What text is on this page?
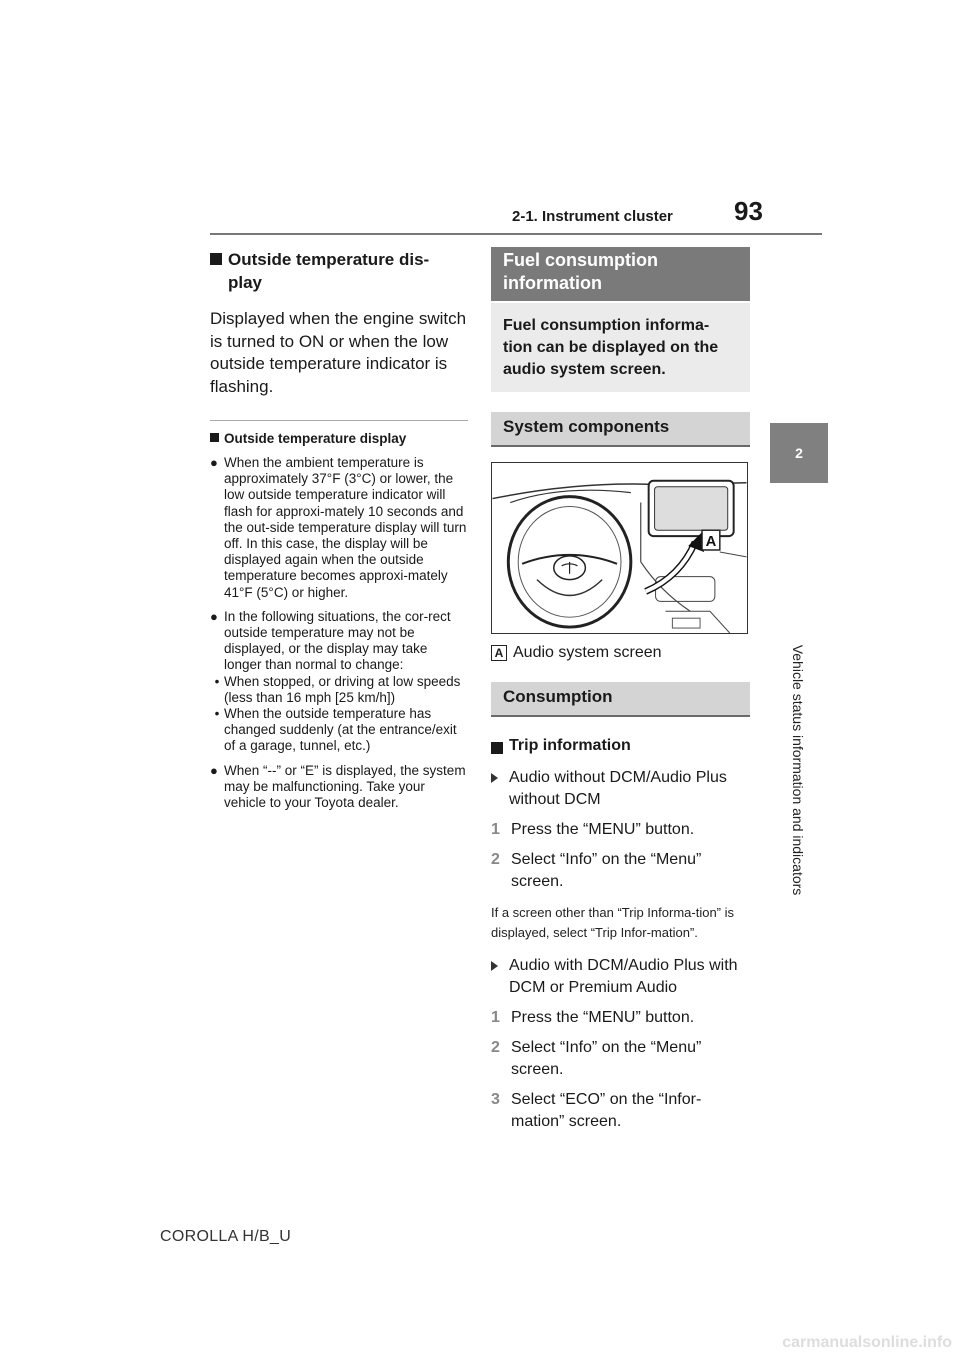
2-1. Instrument cluster 93
2
Vehicle status information and indicators
Outside temperature dis-
play
Displayed when the engine switch is turned to ON or when the low outside temperature indicator is flashing.
Outside temperature display
● When the ambient temperature is approximately 37°F (3°C) or lower, the low outside temperature indicator will flash for approxi-mately 10 seconds and the out-side temperature display will turn off. In this case, the display will be displayed again when the outside temperature becomes approxi-mately 41°F (5°C) or higher.
● In the following situations, the cor-rect outside temperature may not be displayed, or the display may take longer than normal to change:
• When stopped, or driving at low speeds (less than 16 mph [25 km/h])
• When the outside temperature has changed suddenly (at the entrance/exit of a garage, tunnel, etc.)
● When “--” or “E” is displayed, the system may be malfunctioning. Take your vehicle to your Toyota dealer.
Fuel consumption information
Fuel consumption informa-tion can be displayed on the audio system screen.
System components
A
A Audio system screen
Consumption
Trip information
Audio without DCM/Audio Plus without DCM
1 Press the “MENU” button.
2 Select “Info” on the “Menu” screen.
If a screen other than “Trip Informa-tion” is displayed, select “Trip Infor-mation”.
Audio with DCM/Audio Plus with DCM or Premium Audio
1 Press the “MENU” button.
2 Select “Info” on the “Menu” screen.
3 Select “ECO” on the “Infor-mation” screen.
COROLLA H/B_U
carmanualsonline.info
